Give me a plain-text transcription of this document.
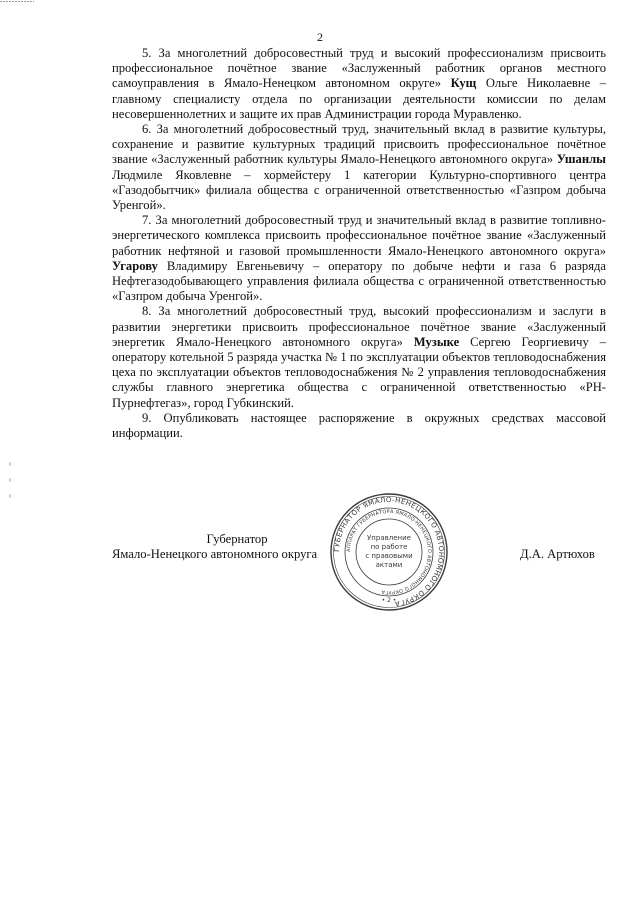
2

5. За многолетний добросовестный труд и высокий профессионализм присвоить профессиональное почётное звание «Заслуженный работник органов местного самоуправления в Ямало-Ненецком автономном округе» Кущ Ольге Николаевне – главному специалисту отдела по организации деятельности комиссии по делам несовершеннолетних и защите их прав Администрации города Муравленко.

6. За многолетний добросовестный труд, значительный вклад в развитие культуры, сохранение и развитие культурных традиций присвоить профессиональное почётное звание «Заслуженный работник культуры Ямало-Ненецкого автономного округа» Ушанлы Людмиле Яковлевне – хормейстеру 1 категории Культурно-спортивного центра «Газодобытчик» филиала общества с ограниченной ответственностью «Газпром добыча Уренгой».

7. За многолетний добросовестный труд и значительный вклад в развитие топливно-энергетического комплекса присвоить профессиональное почётное звание «Заслуженный работник нефтяной и газовой промышленности Ямало-Ненецкого автономного округа» Угарову Владимиру Евгеньевичу – оператору по добыче нефти и газа 6 разряда Нефтегазодобывающего управления филиала общества с ограниченной ответственностью «Газпром добыча Уренгой».

8. За многолетний добросовестный труд, высокий профессионализм и заслуги в развитии энергетики присвоить профессиональное почётное звание «Заслуженный энергетик Ямало-Ненецкого автономного округа» Музыке Сергею Георгиевичу – оператору котельной 5 разряда участка № 1 по эксплуатации объектов тепловодоснабжения цеха по эксплуатации объектов тепловодоснабжения № 2 управления тепловодоснабжения службы главного энергетика общества с ограниченной ответственностью «РН-Пурнефтегаз», город Губкинский.

9. Опубликовать настоящее распоряжение в окружных средствах массовой информации.

Губернатор
Ямало-Ненецкого автономного округа	Д.А. Артюхов
ГУБЕРНАТОР ЯМАЛО-НЕНЕЦКОГО АВТОНОМНОГО ОКРУГА
АППАРАТ ГУБЕРНАТОРА ЯМАЛО-НЕНЕЦКОГО АВТОНОМНОГО ОКРУГА
Управление
по работе
с правовыми
актами
• 2 •
